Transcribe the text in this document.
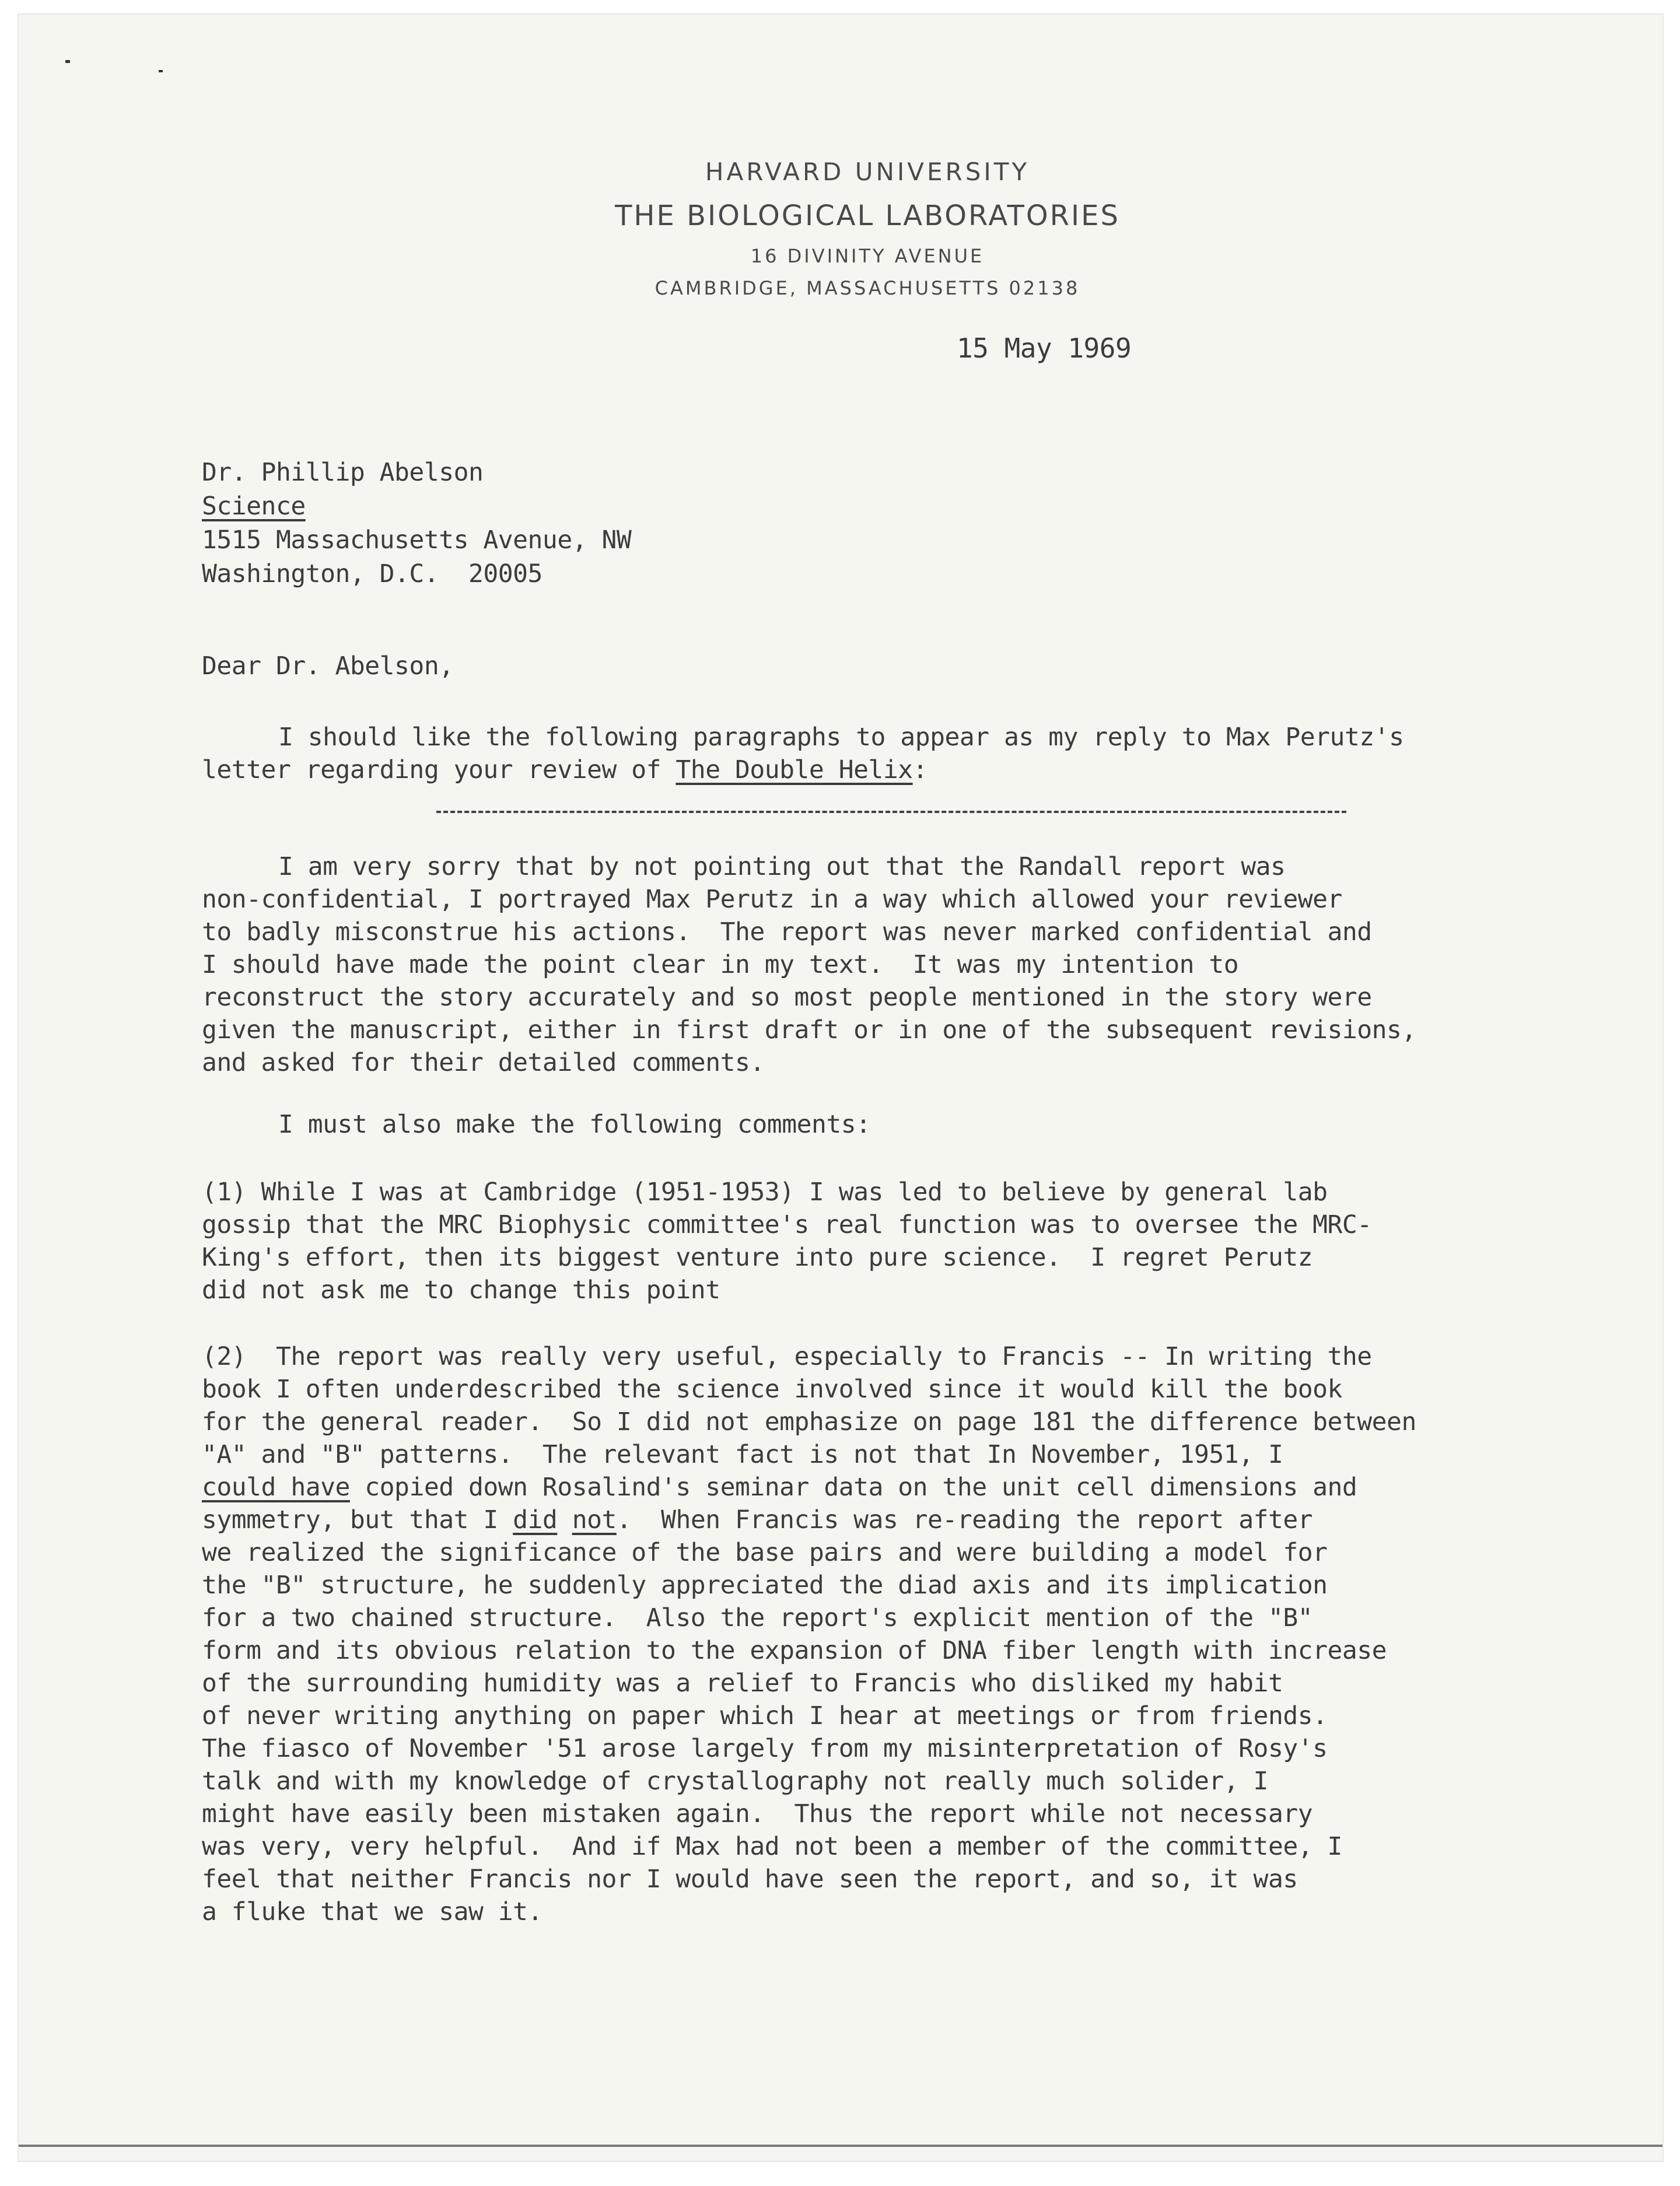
HARVARD UNIVERSITY
THE BIOLOGICAL LABORATORIES
16 DIVINITY AVENUE
CAMBRIDGE, MASSACHUSETTS 02138
15 May 1969
Dr. Phillip Abelson
Science
1515 Massachusetts Avenue, NW
Washington, D.C.  20005
Dear Dr. Abelson,
I should like the following paragraphs to appear as my reply to Max Perutz's
letter regarding your review of The Double Helix:
I am very sorry that by not pointing out that the Randall report was
non-confidential, I portrayed Max Perutz in a way which allowed your reviewer
to badly misconstrue his actions.  The report was never marked confidential and
I should have made the point clear in my text.  It was my intention to
reconstruct the story accurately and so most people mentioned in the story were
given the manuscript, either in first draft or in one of the subsequent revisions,
and asked for their detailed comments.
I must also make the following comments:
(1) While I was at Cambridge (1951-1953) I was led to believe by general lab
gossip that the MRC Biophysic committee's real function was to oversee the MRC-
King's effort, then its biggest venture into pure science.  I regret Perutz
did not ask me to change this point
(2)  The report was really very useful, especially to Francis -- In writing the
book I often underdescribed the science involved since it would kill the book
for the general reader.  So I did not emphasize on page 181 the difference between
"A" and "B" patterns.  The relevant fact is not that In November, 1951, I
could have copied down Rosalind's seminar data on the unit cell dimensions and
symmetry, but that I did not.  When Francis was re-reading the report after
we realized the significance of the base pairs and were building a model for
the "B" structure, he suddenly appreciated the diad axis and its implication
for a two chained structure.  Also the report's explicit mention of the "B"
form and its obvious relation to the expansion of DNA fiber length with increase
of the surrounding humidity was a relief to Francis who disliked my habit
of never writing anything on paper which I hear at meetings or from friends.
The fiasco of November '51 arose largely from my misinterpretation of Rosy's
talk and with my knowledge of crystallography not really much solider, I
might have easily been mistaken again.  Thus the report while not necessary
was very, very helpful.  And if Max had not been a member of the committee, I
feel that neither Francis nor I would have seen the report, and so, it was
a fluke that we saw it.
